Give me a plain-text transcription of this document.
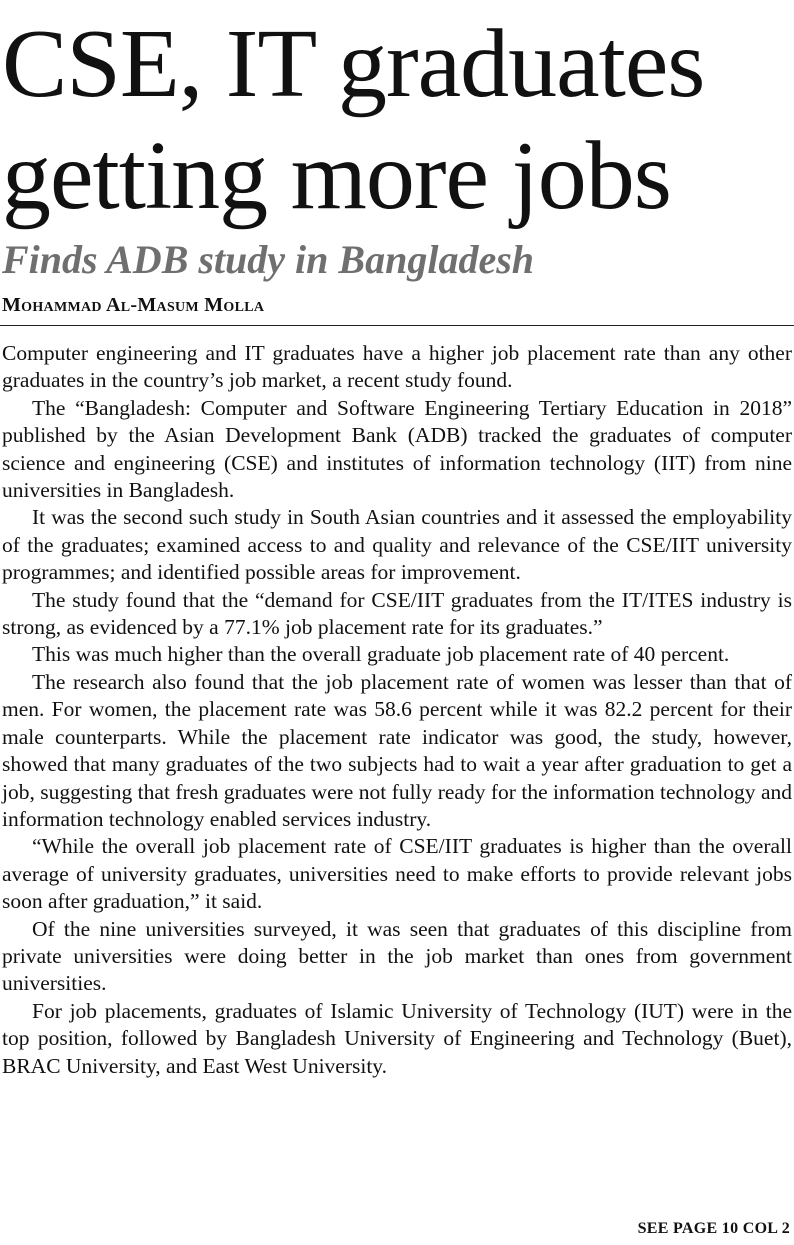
CSE, IT graduates
getting more jobs
Finds ADB study in Bangladesh
Mohammad Al-Masum Molla

Computer engineering and IT graduates have a higher job placement rate than any other graduates in the country’s job market, a recent study found.

The “Bangladesh: Computer and Software Engineering Tertiary Education in 2018” published by the Asian Development Bank (ADB) tracked the graduates of computer science and engineering (CSE) and institutes of information technology (IIT) from nine universities in Bangladesh.

It was the second such study in South Asian countries and it assessed the employability of the graduates; examined access to and quality and relevance of the CSE/IIT university programmes; and identified possible areas for improvement.

The study found that the “demand for CSE/IIT graduates from the IT/ITES industry is strong, as evidenced by a 77.1% job placement rate for its graduates.”

This was much higher than the overall graduate job placement rate of 40 percent.

The research also found that the job placement rate of women was lesser than that of men. For women, the placement rate was 58.6 percent while it was 82.2 percent for their male counterparts. While the placement rate indicator was good, the study, however, showed that many graduates of the two subjects had to wait a year after graduation to get a job, suggesting that fresh graduates were not fully ready for the information technology and information technology enabled services industry.

“While the overall job placement rate of CSE/IIT graduates is higher than the overall average of university graduates, universities need to make efforts to provide relevant jobs soon after graduation,” it said.

Of the nine universities surveyed, it was seen that graduates of this discipline from private universities were doing better in the job market than ones from government universities.

For job placements, graduates of Islamic University of Technology (IUT) were in the top position, followed by Bangladesh University of Engineering and Technology (Buet), BRAC University, and East West University.

SEE PAGE 10 COL 2
